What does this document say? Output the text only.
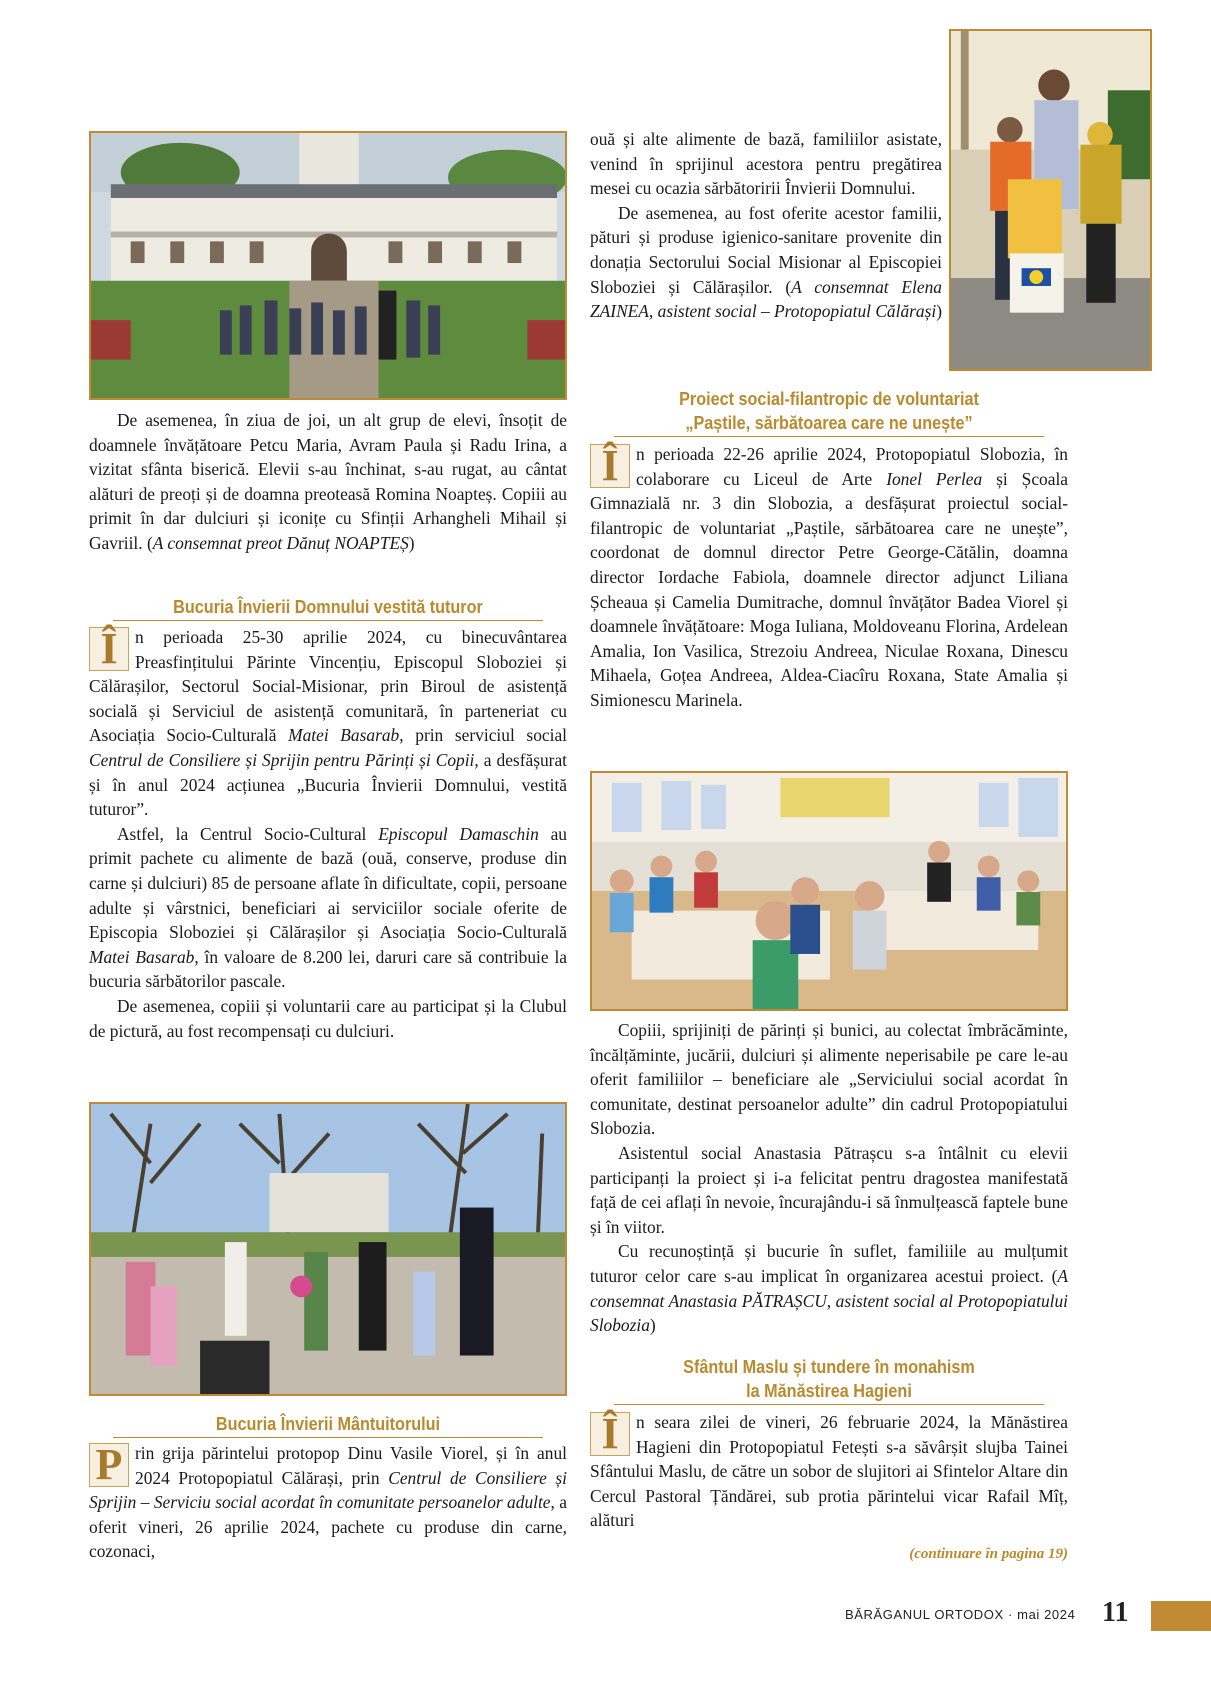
De asemenea, în ziua de joi, un alt grup de elevi, însoțit de doamnele învățătoare Petcu Maria, Avram Paula și Radu Irina, a vizitat sfânta biserică. Elevii s-au închinat, s-au rugat, au cântat alături de preoți și de doamna preoteasă Romina Noapteș. Copiii au primit în dar dulciuri și iconițe cu Sfinții Arhangheli Mihail și Gavriil. (A consemnat preot Dănuț NOAPTEȘ)

Bucuria Învierii Domnului vestită tuturor

Î	n perioada 25-30 aprilie 2024, cu binecuvântarea Preasfințitului Părinte Vincențiu, Episcopul Sloboziei și Călărașilor, Sectorul Social-Misionar, prin Biroul de asistență socială și Serviciul de asistență comunitară, în parteneriat cu Asociația Socio-Culturală Matei Basarab, prin serviciul social Centrul de Consiliere și Sprijin pentru Părinți și Copii, a desfășurat și în anul 2024 acțiunea „Bucuria Învierii Domnului, vestită tuturor”.

Astfel, la Centrul Socio-Cultural Episcopul Damaschin au primit pachete cu alimente de bază (ouă, conserve, produse din carne și dulciuri) 85 de persoane aflate în dificultate, copii, persoane adulte și vârstnici, beneficiari ai serviciilor sociale oferite de Episcopia Sloboziei și Călărașilor și Asociația Socio-Culturală Matei Basarab, în valoare de 8.200 lei, daruri care să contribuie la bucuria sărbătorilor pascale.

De asemenea, copiii și voluntarii care au participat și la Clubul de pictură, au fost recompensați cu dulciuri.

Bucuria Învierii Mântuitorului

P rin grija părintelui protopop Dinu Vasile Viorel, și în anul 2024 Protopopiatul Călărași, prin Centrul de Consiliere și Sprijin – Serviciu social acordat în comunitate persoanelor adulte, a oferit vineri, 26 aprilie 2024, pachete cu produse din carne, cozonaci,

ouă și alte alimente de bază, familiilor asistate, venind în sprijinul acestora pentru pregătirea mesei cu ocazia sărbătoririi Învierii Domnului.

De asemenea, au fost oferite acestor familii, pături și produse igienico-sanitare provenite din donația Sectorului Social Misionar al Episcopiei Sloboziei și Călărașilor. (A consemnat Elena ZAINEA, asistent social – Protopopiatul Călărași)

Proiect social-filantropic de voluntariat
„Paștile, sărbătoarea care ne unește”

Î	n perioada 22-26 aprilie 2024, Protopopiatul Slobozia, în colaborare cu Liceul de Arte Ionel Perlea și Școala Gimnazială nr. 3 din Slobozia, a desfășurat proiectul social-filantropic de voluntariat „Paștile, sărbătoarea care ne unește”, coordonat de domnul director Petre George-Cătălin, doamna director Iordache Fabiola, doamnele director adjunct Liliana Șcheaua și Camelia Dumitrache, domnul învățător Badea Viorel și doamnele învățătoare: Moga Iuliana, Moldoveanu Florina, Ardelean Amalia, Ion Vasilica, Strezoiu Andreea, Niculae Roxana, Dinescu Mihaela, Goțea Andreea, Aldea-Ciacîru Roxana, State Amalia și Simionescu Marinela.

Copiii, sprijiniți de părinți și bunici, au colectat îmbrăcăminte, încălțăminte, jucării, dulciuri și alimente neperisabile pe care le-au oferit familiilor – beneficiare ale „Serviciului social acordat în comunitate, destinat persoanelor adulte” din cadrul Protopopiatului Slobozia.

Asistentul social Anastasia Pătrașcu s-a întâlnit cu elevii participanți la proiect și i-a felicitat pentru dragostea manifestată față de cei aflați în nevoie, încurajându-i să înmulțească faptele bune și în viitor.

Cu recunoștință și bucurie în suflet, familiile au mulțumit tuturor celor care s-au implicat în organizarea acestui proiect. (A consemnat Anastasia PĂTRAȘCU, asistent social al Protopopiatului Slobozia)

Sfântul Maslu și tundere în monahism
la Mănăstirea Hagieni

Î	n seara zilei de vineri, 26 februarie 2024, la Mănăstirea Hagieni din Protopopiatul Fetești s-a săvârșit slujba Tainei Sfântului Maslu, de către un sobor de slujitori ai Sfintelor Altare din Cercul Pastoral Țăndărei, sub protia părintelui vicar Rafail Mîț, alături

(continuare în pagina 19)
BĂRĂGANUL ORTODOX · mai 2024 11
